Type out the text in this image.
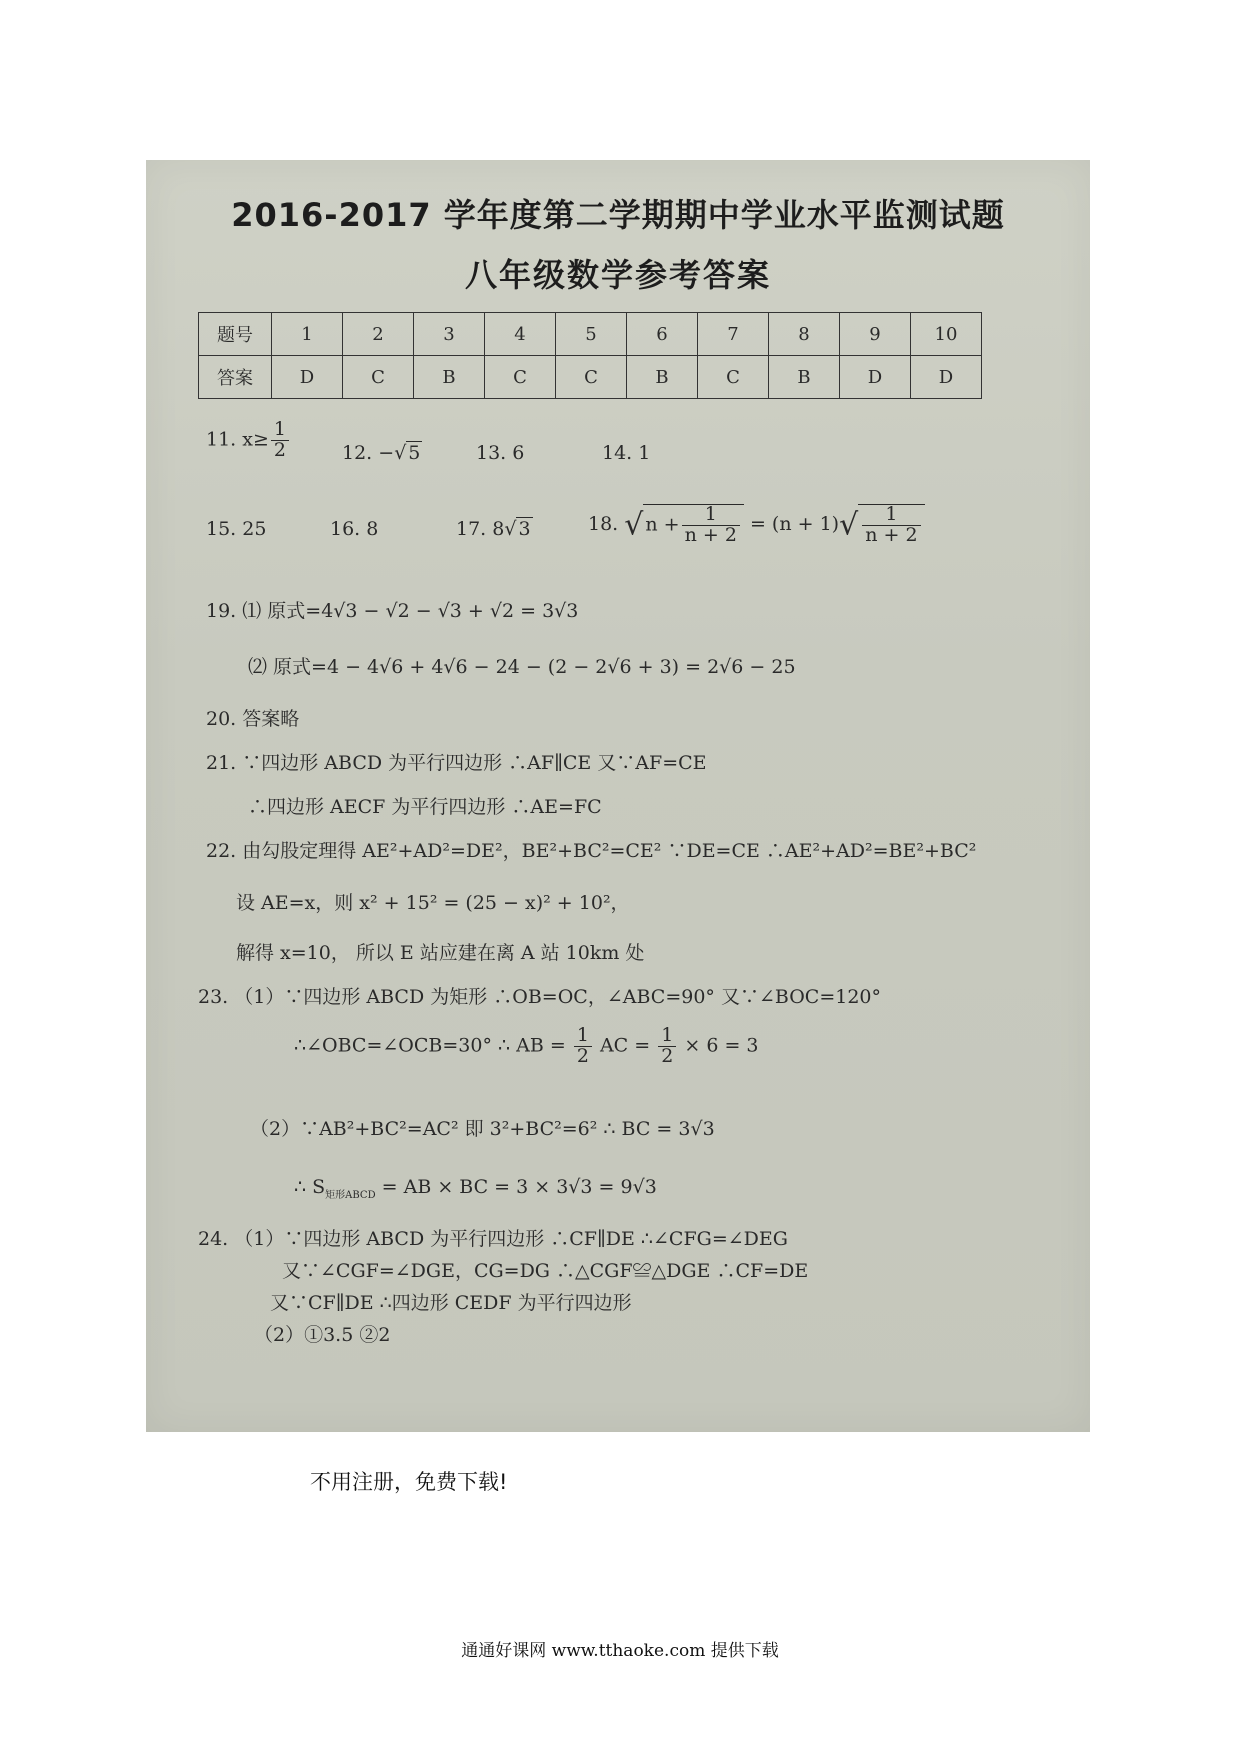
2016-2017 学年度第二学期期中学业水平监测试题
八年级数学参考答案
题号	1	2	3	4	5	6	7	8	9	10
答案	D	C	B	C	C	B	C	B	D	D
11. $x\ge \frac{1}{2}$	12. −√ 5	13. 6	14. 1
15. 25	16. 8	17. 8√ 3	18. √ $n + \frac{1}{n + 2} = (n + 1)√ \frac{1}{n + 2}$
19. ⑴ 原式=4√3 − √2 − √3 + √2 = 3√3
⑵ 原式=4 − 4√6 + 4√6 − 24 − (2 − 2√6 + 3) = 2√6 − 25
20. 答案略
21. ∵四边形 ABCD 为平行四边形 ∴AF∥CE 又∵AF=CE
∴四边形 AECF 为平行四边形 ∴AE=FC
22. 由勾股定理得 AE²+AD²=DE²，BE²+BC²=CE² ∵DE=CE ∴AE²+AD²=BE²+BC²
设 AE=x，则 x² + 15² = (25 − x)² + 10²，
解得 x=10， 所以 E 站应建在离 A 站 10km 处
23. （1）∵四边形 ABCD 为矩形 ∴OB=OC，∠ABC=90° 又∵∠BOC=120°
∴∠OBC=∠OCB=30° ∴ AB = $\frac{1}{2}$ AC = $\frac{1}{2} \times 6 = 3$
（2）∵AB²+BC²=AC² 即 3²+BC²=6² ∴ BC = 3√3
∴ $S_{矩形ABCD}$ = AB × BC = 3 × 3√3 = 9√3
24. （1）∵四边形 ABCD 为平行四边形 ∴CF∥DE ∴∠CFG=∠DEG
又∵∠CGF=∠DGE，CG=DG ∴△CGF≌△DGE ∴CF=DE
又∵CF∥DE ∴四边形 CEDF 为平行四边形
（2）①3.5 ②2
不用注册，免费下载!
通通好课网 www.tthaoke.com 提供下载
